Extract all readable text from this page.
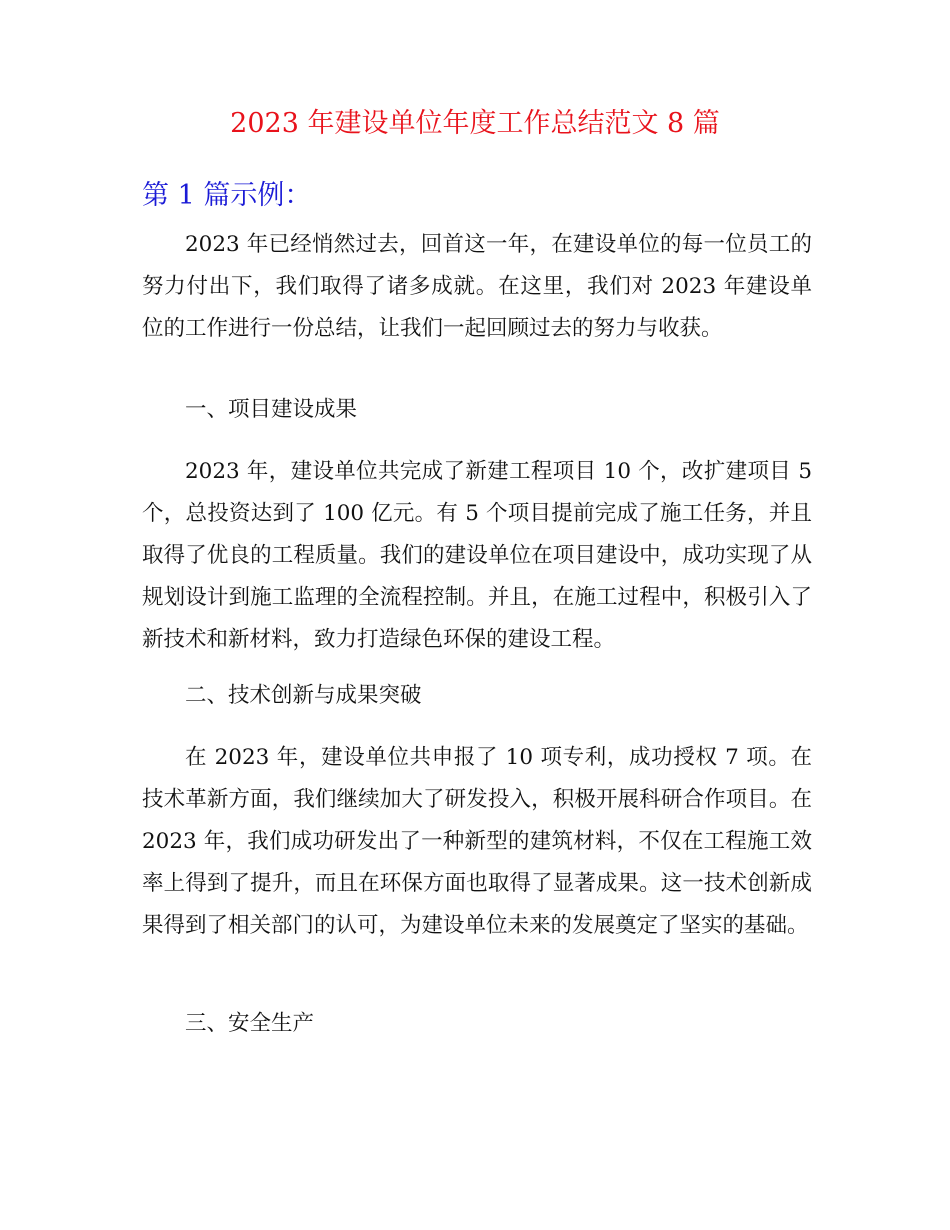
2023 年建设单位年度工作总结范文 8 篇
第 1 篇示例：

2023 年已经悄然过去，回首这一年，在建设单位的每一位员工的努力付出下，我们取得了诸多成就。在这里，我们对 2023 年建设单位的工作进行一份总结，让我们一起回顾过去的努力与收获。

一、项目建设成果

2023 年，建设单位共完成了新建工程项目 10 个，改扩建项目 5 个，总投资达到了 100 亿元。有 5 个项目提前完成了施工任务，并且取得了优良的工程质量。我们的建设单位在项目建设中，成功实现了从规划设计到施工监理的全流程控制。并且，在施工过程中，积极引入了新技术和新材料，致力打造绿色环保的建设工程。

二、技术创新与成果突破

在 2023 年，建设单位共申报了 10 项专利，成功授权 7 项。在技术革新方面，我们继续加大了研发投入，积极开展科研合作项目。在 2023 年，我们成功研发出了一种新型的建筑材料，不仅在工程施工效率上得到了提升，而且在环保方面也取得了显著成果。这一技术创新成果得到了相关部门的认可，为建设单位未来的发展奠定了坚实的基础。

三、安全生产
